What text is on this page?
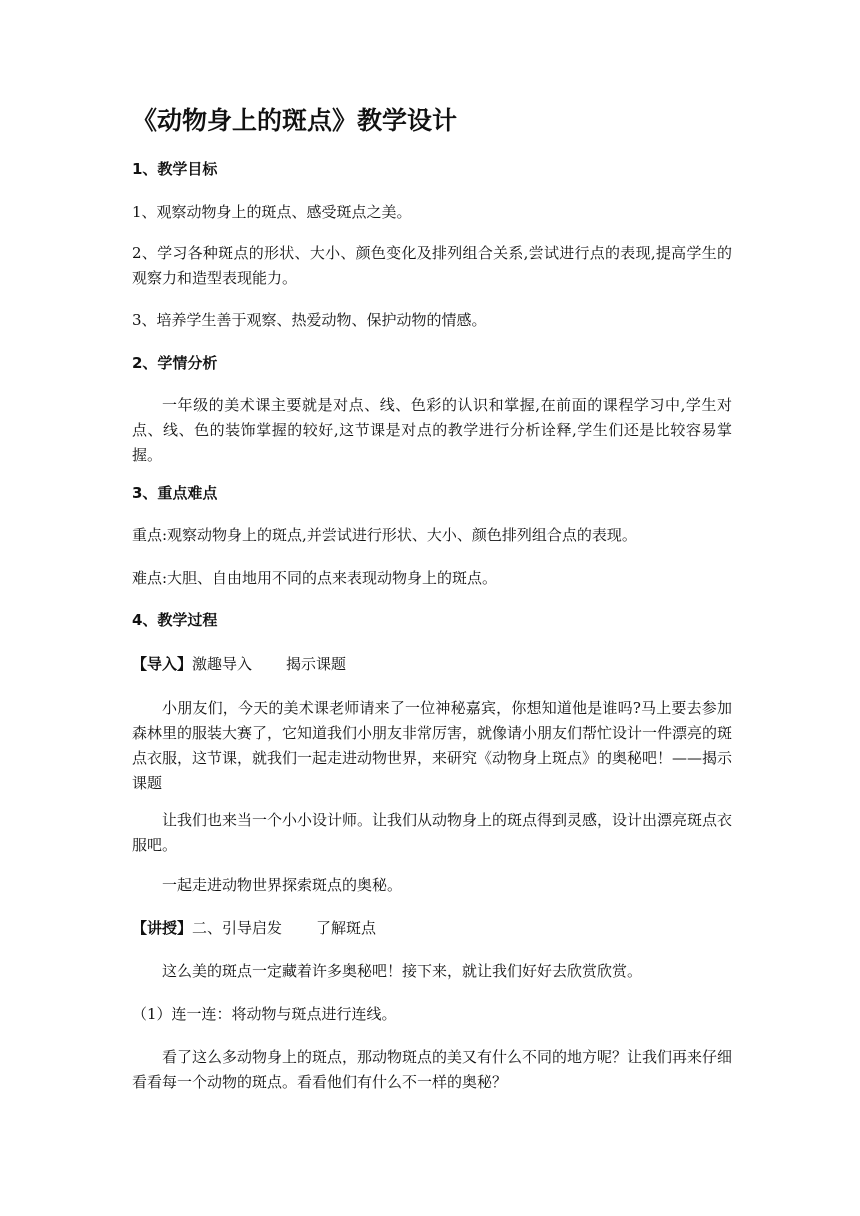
《动物身上的斑点》教学设计
1、教学目标
1、观察动物身上的斑点、感受斑点之美。
2、学习各种斑点的形状、大小、颜色变化及排列组合关系,尝试进行点的表现,提高学生的观察力和造型表现能力。
3、培养学生善于观察、热爱动物、保护动物的情感。
2、学情分析
一年级的美术课主要就是对点、线、色彩的认识和掌握,在前面的课程学习中,学生对点、线、色的装饰掌握的较好,这节课是对点的教学进行分析诠释,学生们还是比较容易掌握。
3、重点难点
重点:观察动物身上的斑点,并尝试进行形状、大小、颜色排列组合点的表现。
难点:大胆、自由地用不同的点来表现动物身上的斑点。
4、教学过程
【导入】激趣导入 揭示课题
小朋友们，今天的美术课老师请来了一位神秘嘉宾，你想知道他是谁吗?马上要去参加森林里的服装大赛了，它知道我们小朋友非常厉害，就像请小朋友们帮忙设计一件漂亮的斑点衣服，这节课，就我们一起走进动物世界，来研究《动物身上斑点》的奥秘吧！——揭示课题
让我们也来当一个小小设计师。让我们从动物身上的斑点得到灵感，设计出漂亮斑点衣服吧。
一起走进动物世界探索斑点的奥秘。
【讲授】二、引导启发 了解斑点
这么美的斑点一定藏着许多奥秘吧！接下来，就让我们好好去欣赏欣赏。
（1）连一连：将动物与斑点进行连线。
看了这么多动物身上的斑点，那动物斑点的美又有什么不同的地方呢？让我们再来仔细看看每一个动物的斑点。看看他们有什么不一样的奥秘？
